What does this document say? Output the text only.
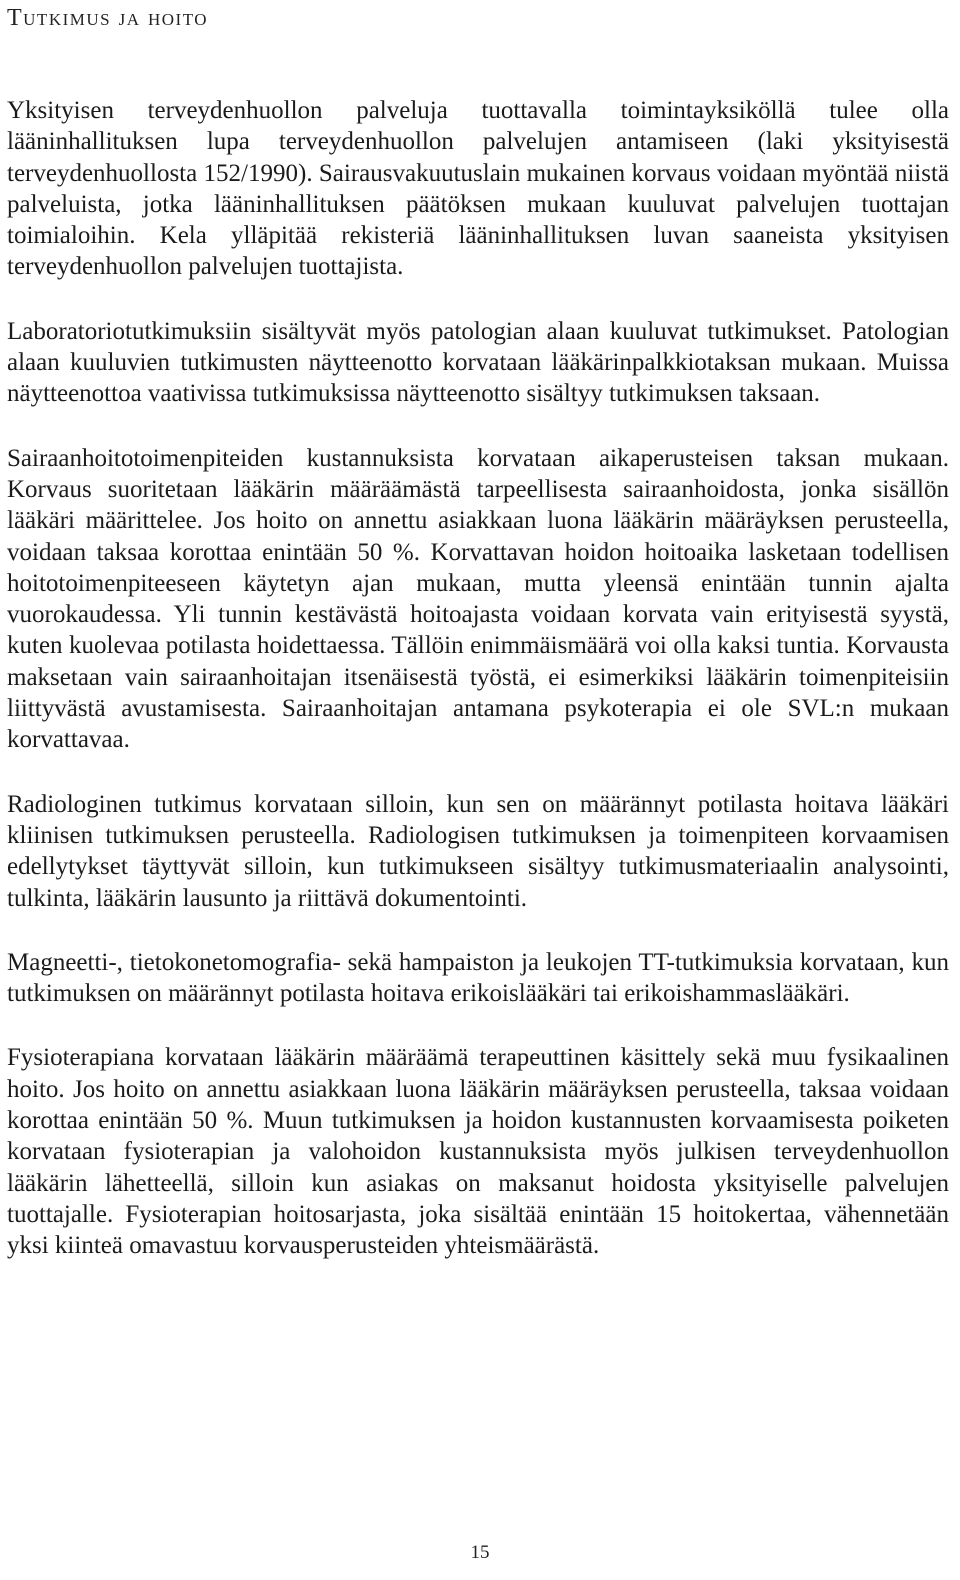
Tutkimus ja hoito

Yksityisen terveydenhuollon palveluja tuottavalla toimintayksiköllä tulee olla lääninhallituksen lupa terveydenhuollon palvelujen antamiseen (laki yksityisestä terveydenhuollosta 152/1990). Sairausvakuutuslain mukainen korvaus voidaan myöntää niistä palveluista, jotka lääninhallituksen päätöksen mukaan kuuluvat palvelujen tuottajan toimialoihin. Kela ylläpitää rekisteriä lääninhallituksen luvan saaneista yksityisen terveydenhuollon palvelujen tuottajista.

Laboratoriotutkimuksiin sisältyvät myös patologian alaan kuuluvat tutkimukset. Patologian alaan kuuluvien tutkimusten näytteenotto korvataan lääkärinpalkkiotaksan mukaan. Muissa näytteenottoa vaativissa tutkimuksissa näytteenotto sisältyy tutkimuksen taksaan.

Sairaanhoitotoimenpiteiden kustannuksista korvataan aikaperusteisen taksan mukaan. Korvaus suoritetaan lääkärin määräämästä tarpeellisesta sairaanhoidosta, jonka sisällön lääkäri määrittelee. Jos hoito on annettu asiakkaan luona lääkärin määräyksen perusteella, voidaan taksaa korottaa enintään 50 %. Korvattavan hoidon hoitoaika lasketaan todellisen hoitotoimenpiteeseen käytetyn ajan mukaan, mutta yleensä enintään tunnin ajalta vuorokaudessa. Yli tunnin kestävästä hoitoajasta voidaan korvata vain erityisestä syystä, kuten kuolevaa potilasta hoidettaessa. Tällöin enimmäismäärä voi olla kaksi tuntia. Korvausta maksetaan vain sairaanhoitajan itsenäisestä työstä, ei esimerkiksi lääkärin toimenpiteisiin liittyvästä avustamisesta. Sairaanhoitajan antamana psykoterapia ei ole SVL:n mukaan korvattavaa.

Radiologinen tutkimus korvataan silloin, kun sen on määrännyt potilasta hoitava lääkäri kliinisen tutkimuksen perusteella. Radiologisen tutkimuksen ja toimenpiteen korvaamisen edellytykset täyttyvät silloin, kun tutkimukseen sisältyy tutkimusmateriaalin analysointi, tulkinta, lääkärin lausunto ja riittävä dokumentointi.

Magneetti-, tietokonetomografia- sekä hampaiston ja leukojen TT-tutkimuksia korvataan, kun tutkimuksen on määrännyt potilasta hoitava erikoislääkäri tai erikoishammaslääkäri.

Fysioterapiana korvataan lääkärin määräämä terapeuttinen käsittely sekä muu fysikaalinen hoito. Jos hoito on annettu asiakkaan luona lääkärin määräyksen perusteella, taksaa voidaan korottaa enintään 50 %. Muun tutkimuksen ja hoidon kustannusten korvaamisesta poiketen korvataan fysioterapian ja valohoidon kustannuksista myös julkisen terveydenhuollon lääkärin lähetteellä, silloin kun asiakas on maksanut hoidosta yksityiselle palvelujen tuottajalle. Fysioterapian hoitosarjasta, joka sisältää enintään 15 hoitokertaa, vähennetään yksi kiinteä omavastuu korvausperusteiden yhteismäärästä.

15
